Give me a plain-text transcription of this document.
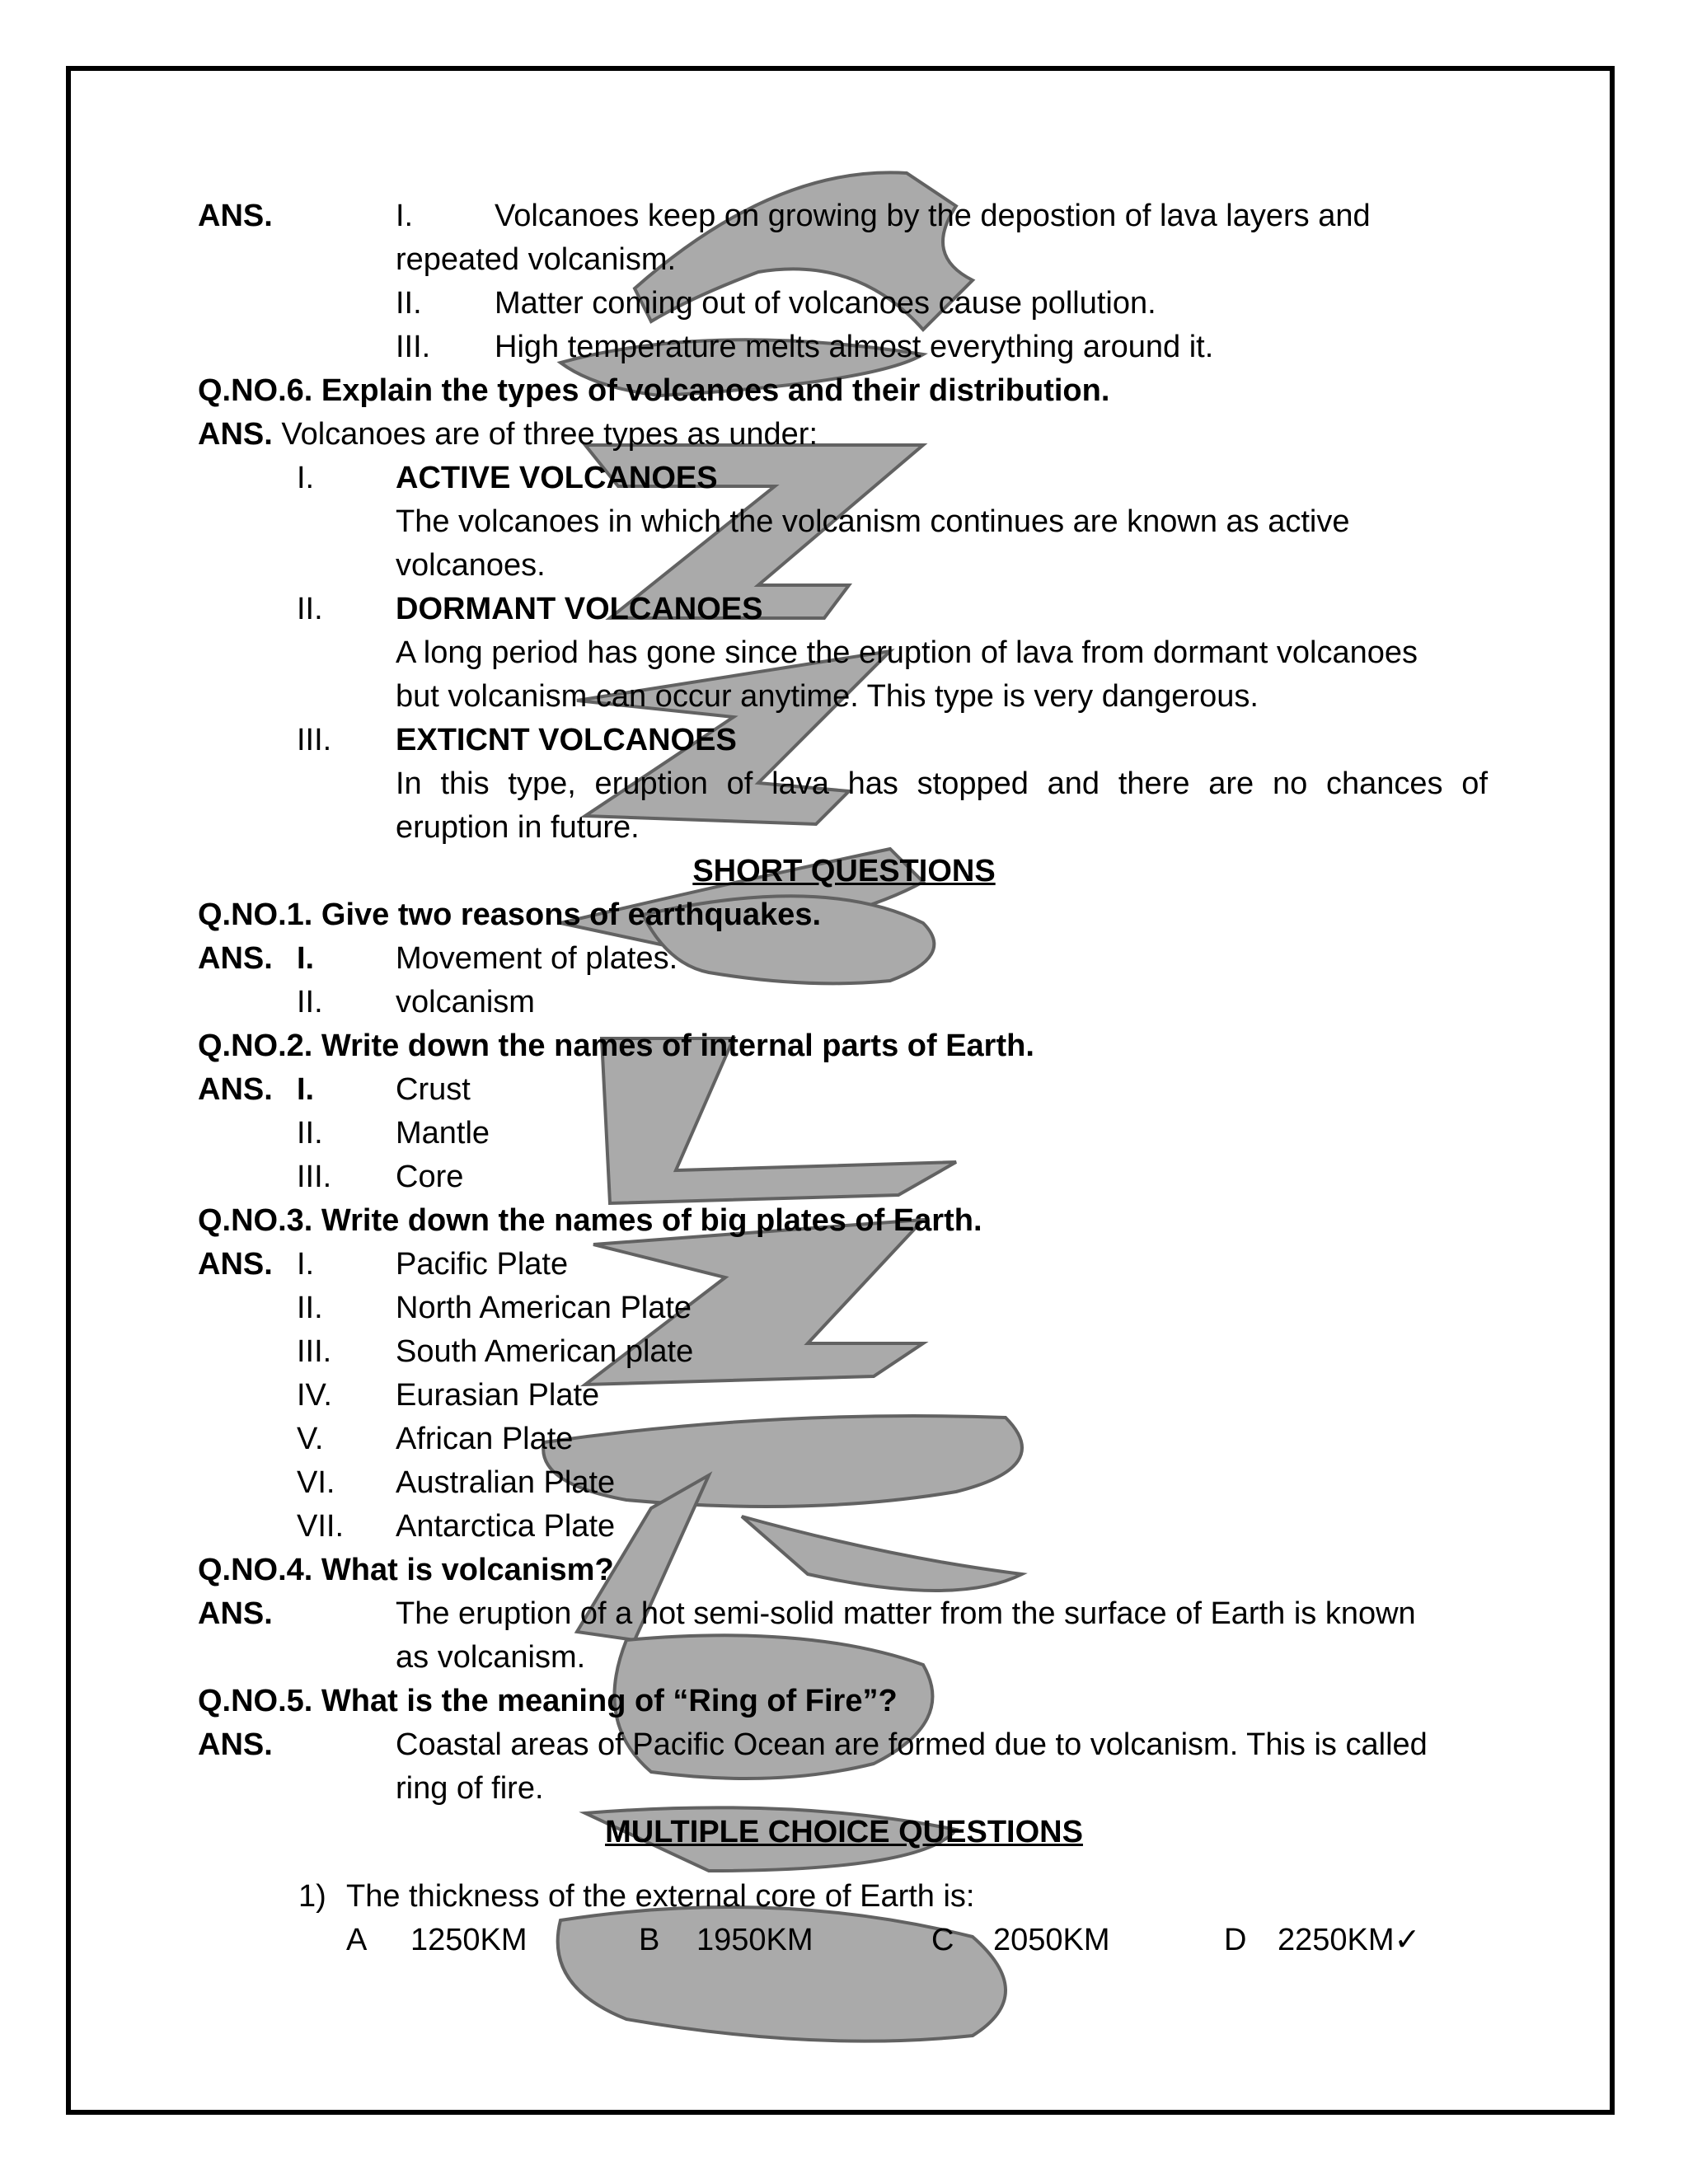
ANS.	I.	Volcanoes keep on growing by the depostion of lava layers and
repeated volcanism.
II. Matter coming out of volcanoes cause pollution.
III. High temperature melts almost everything around it.
Q.NO.6. Explain the types of volcanoes and their distribution.
ANS. Volcanoes are of three types as under:
I.	ACTIVE VOLCANOES
The volcanoes in which the volcanism continues are known as active
volcanoes.
II. DORMANT VOLCANOES
A long period has gone since the eruption of lava from dormant volcanoes
but volcanism can occur anytime. This type is very dangerous.
III. EXTICNT VOLCANOES
In this type, eruption of lava has stopped and there are no chances of
eruption in future.
SHORT QUESTIONS
Q.NO.1. Give two reasons of earthquakes.
ANS. I.	Movement of plates.
II. volcanism
Q.NO.2. Write down the names of internal parts of Earth.
ANS. I.	Crust
II. Mantle
III. Core
Q.NO.3. Write down the names of big plates of Earth.
ANS. I.	Pacific Plate
II. North American Plate
III. South American plate
IV. Eurasian Plate
V. African Plate
VI. Australian Plate
VII. Antarctica Plate
Q.NO.4. What is volcanism?
ANS.	The eruption of a hot semi-solid matter from the surface of Earth is known
as volcanism.
Q.NO.5. What is the meaning of “Ring of Fire”?
ANS.	Coastal areas of Pacific Ocean are formed due to volcanism. This is called
ring of fire.
MULTIPLE CHOICE QUESTIONS
1) The thickness of the external core of Earth is:
A 1250KM	B 1950KM	C 2050KM	D 2250KM✓
